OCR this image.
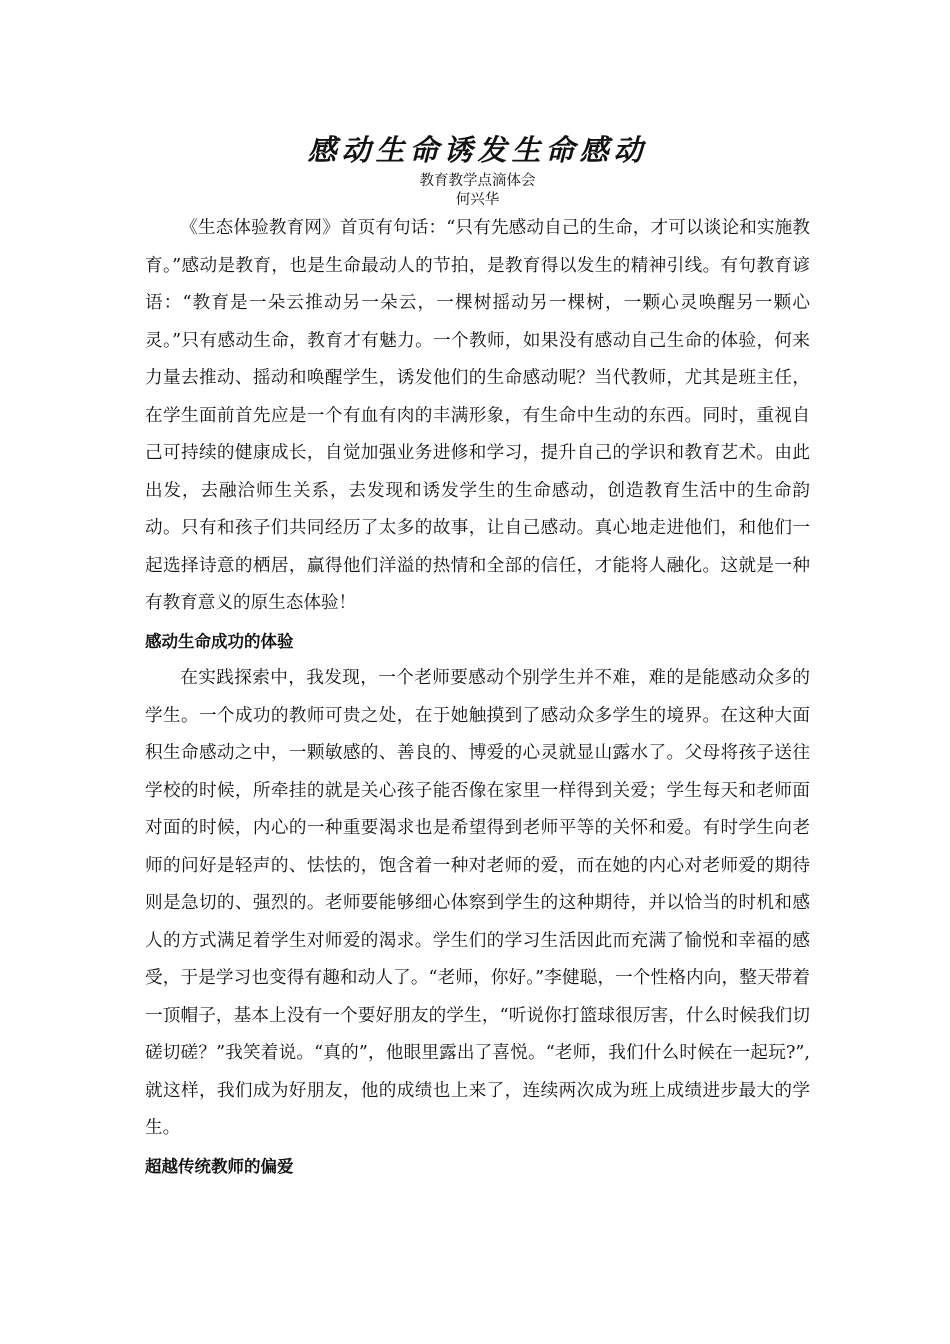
感动生命诱发生命感动

教育教学点滴体会

何兴华

《生态体验教育网》首页有句话：“只有先感动自己的生命，才可以谈论和实施教育。”感动是教育，也是生命最动人的节拍，是教育得以发生的精神引线。有句教育谚语：“教育是一朵云推动另一朵云，一棵树摇动另一棵树，一颗心灵唤醒另一颗心灵。”只有感动生命，教育才有魅力。一个教师，如果没有感动自己生命的体验，何来力量去推动、摇动和唤醒学生，诱发他们的生命感动呢？当代教师，尤其是班主任，在学生面前首先应是一个有血有肉的丰满形象，有生命中生动的东西。同时，重视自己可持续的健康成长，自觉加强业务进修和学习，提升自己的学识和教育艺术。由此出发，去融洽师生关系，去发现和诱发学生的生命感动，创造教育生活中的生命韵动。只有和孩子们共同经历了太多的故事，让自己感动。真心地走进他们，和他们一起选择诗意的栖居，赢得他们洋溢的热情和全部的信任，才能将人融化。这就是一种有教育意义的原生态体验！

感动生命成功的体验

在实践探索中，我发现，一个老师要感动个别学生并不难，难的是能感动众多的学生。一个成功的教师可贵之处，在于她触摸到了感动众多学生的境界。在这种大面积生命感动之中，一颗敏感的、善良的、博爱的心灵就显山露水了。父母将孩子送往学校的时候，所牵挂的就是关心孩子能否像在家里一样得到关爱；学生每天和老师面对面的时候，内心的一种重要渴求也是希望得到老师平等的关怀和爱。有时学生向老师的问好是轻声的、怯怯的，饱含着一种对老师的爱，而在她的内心对老师爱的期待则是急切的、强烈的。老师要能够细心体察到学生的这种期待，并以恰当的时机和感人的方式满足着学生对师爱的渴求。学生们的学习生活因此而充满了愉悦和幸福的感受，于是学习也变得有趣和动人了。“老师，你好。”李健聪，一个性格内向，整天带着一顶帽子，基本上没有一个要好朋友的学生，“听说你打篮球很厉害，什么时候我们切磋切磋？”我笑着说。“真的”，他眼里露出了喜悦。“老师，我们什么时候在一起玩?”,就这样，我们成为好朋友，他的成绩也上来了，连续两次成为班上成绩进步最大的学生。

超越传统教师的偏爱
